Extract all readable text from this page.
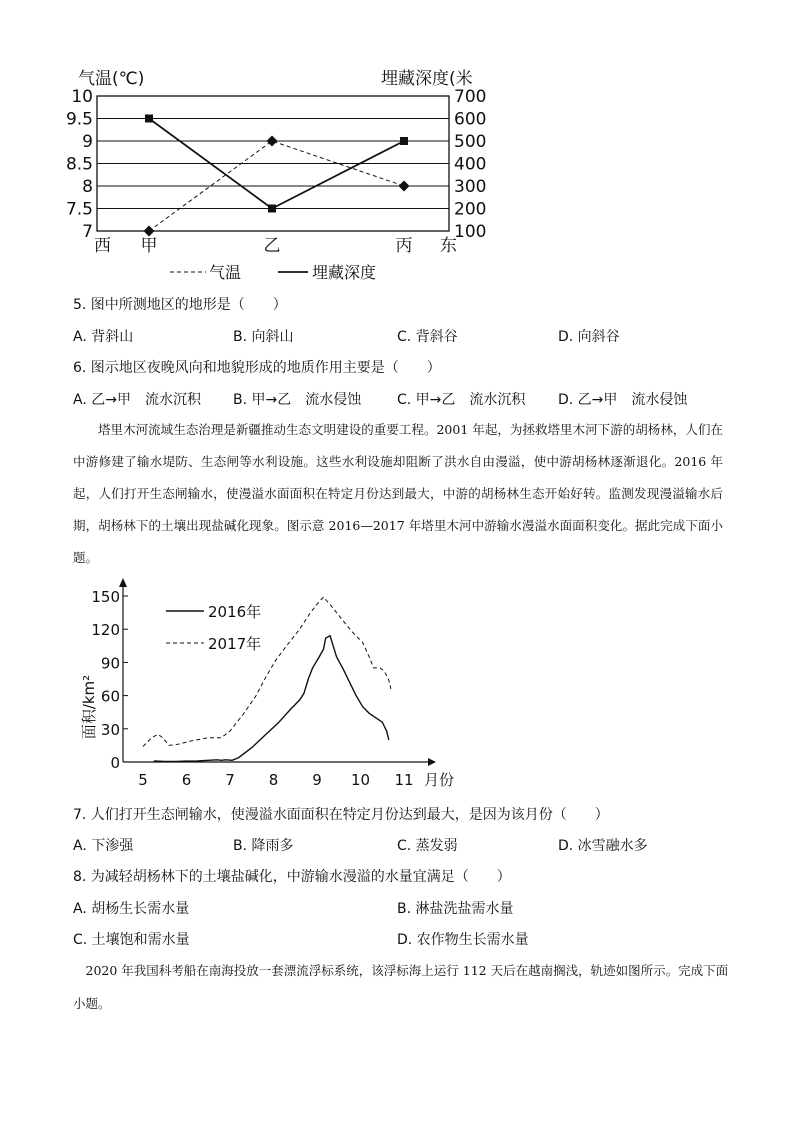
气温(℃)	埋藏深度(米
10
9.5
9
8.5
8
7.5
7
700
600
500
400
300
200
100
西	东
甲	乙	丙
气温	埋藏深度
5. 图中所测地区的地形是（　　）
A. 背斜山	B. 向斜山	C. 背斜谷	D. 向斜谷
6. 图示地区夜晚风向和地貌形成的地质作用主要是（　　）
A. 乙→甲　流水沉积 B. 甲→乙　流水侵蚀	C. 甲→乙　流水沉积 D. 乙→甲　流水侵蚀
塔里木河流域生态治理是新疆推动生态文明建设的重要工程。2001 年起，为拯救塔里木河下游的胡杨林，人们在中游修建了输水堤防、生态闸等水利设施。这些水利设施却阻断了洪水自由漫溢，使中游胡杨林逐渐退化。2016 年起，人们打开生态闸输水，使漫溢水面面积在特定月份达到最大，中游的胡杨林生态开始好转。监测发现漫溢输水后期，胡杨林下的土壤出现盐碱化现象。图示意 2016—2017 年塔里木河中游输水漫溢水面面积变化。据此完成下面小题。
0
30
60
90
120
150
5 6 7 8 9 10 11
面积/km²
月份
2016年
2017年
7. 人们打开生态闸输水，使漫溢水面面积在特定月份达到最大，是因为该月份（　　）
A. 下渗强	B. 降雨多	C. 蒸发弱	D. 冰雪融水多
8. 为减轻胡杨林下的土壤盐碱化，中游输水漫溢的水量宜满足（　　）
A. 胡杨生长需水量	B. 淋盐洗盐需水量
C. 土壤饱和需水量	D. 农作物生长需水量
2020 年我国科考船在南海投放一套漂流浮标系统，该浮标海上运行 112 天后在越南搁浅，轨迹如图所示。完成下面小题。
